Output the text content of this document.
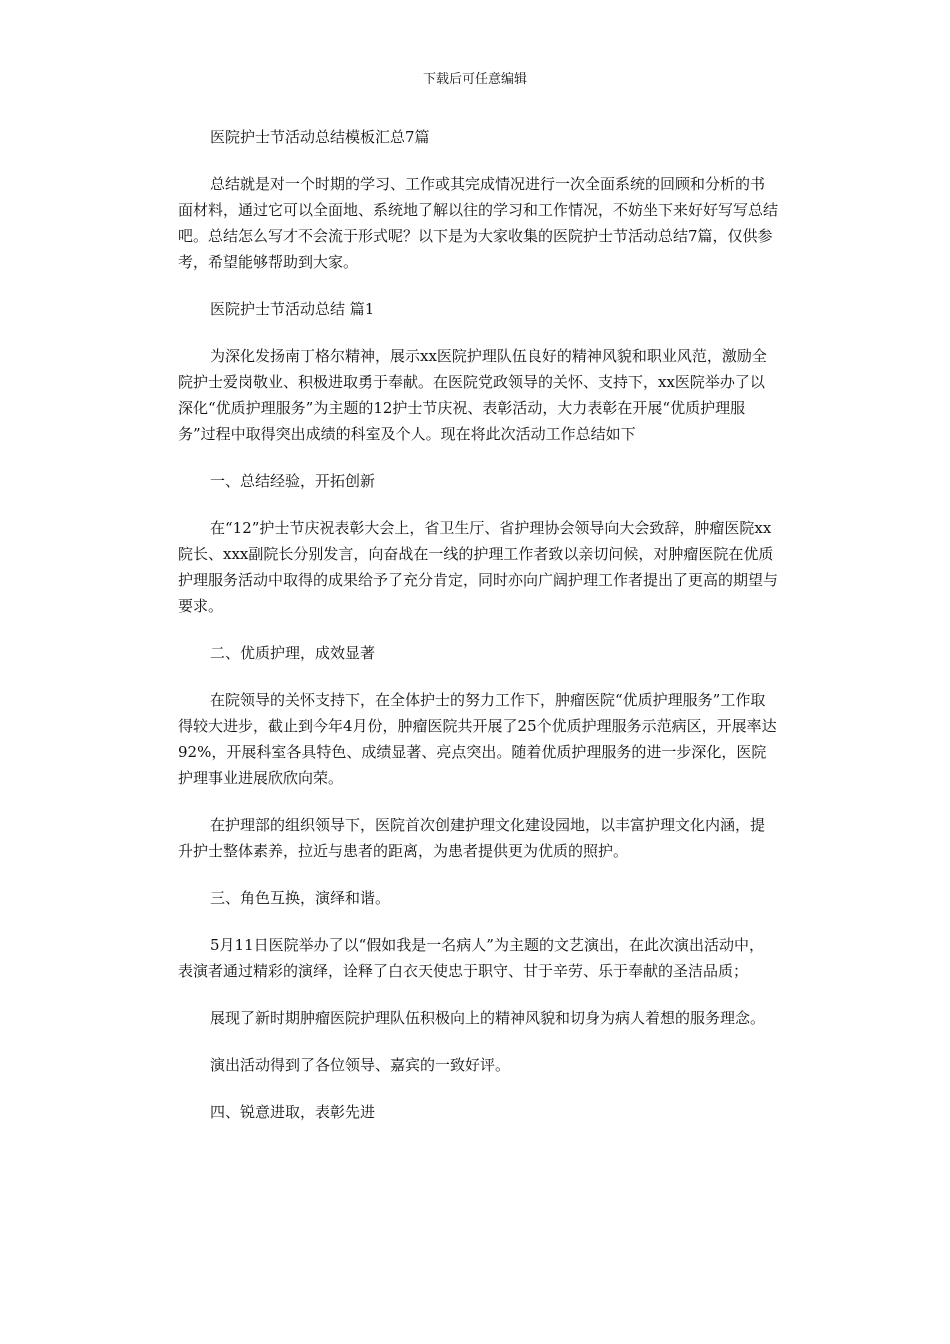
下载后可任意编辑

医院护士节活动总结模板汇总7篇

总结就是对一个时期的学习、工作或其完成情况进行一次全面系统的回顾和分析的书面材料，通过它可以全面地、系统地了解以往的学习和工作情况，不妨坐下来好好写写总结吧。总结怎么写才不会流于形式呢？以下是为大家收集的医院护士节活动总结7篇，仅供参考，希望能够帮助到大家。

医院护士节活动总结 篇1

为深化发扬南丁格尔精神，展示xx医院护理队伍良好的精神风貌和职业风范，激励全院护士爱岗敬业、积极进取勇于奉献。在医院党政领导的关怀、支持下，xx医院举办了以深化“优质护理服务”为主题的12护士节庆祝、表彰活动，大力表彰在开展“优质护理服务”过程中取得突出成绩的科室及个人。现在将此次活动工作总结如下

一、总结经验，开拓创新

在“12”护士节庆祝表彰大会上，省卫生厅、省护理协会领导向大会致辞，肿瘤医院xx院长、xxx副院长分别发言，向奋战在一线的护理工作者致以亲切问候，对肿瘤医院在优质护理服务活动中取得的成果给予了充分肯定，同时亦向广阔护理工作者提出了更高的期望与要求。

二、优质护理，成效显著

在院领导的关怀支持下，在全体护士的努力工作下，肿瘤医院“优质护理服务”工作取得较大进步，截止到今年4月份，肿瘤医院共开展了25个优质护理服务示范病区，开展率达92%，开展科室各具特色、成绩显著、亮点突出。随着优质护理服务的进一步深化，医院护理事业进展欣欣向荣。

在护理部的组织领导下，医院首次创建护理文化建设园地，以丰富护理文化内涵，提升护士整体素养，拉近与患者的距离，为患者提供更为优质的照护。

三、角色互换，演绎和谐。

5月11日医院举办了以“假如我是一名病人”为主题的文艺演出，在此次演出活动中，表演者通过精彩的演绎，诠释了白衣天使忠于职守、甘于辛劳、乐于奉献的圣洁品质；

展现了新时期肿瘤医院护理队伍积极向上的精神风貌和切身为病人着想的服务理念。

演出活动得到了各位领导、嘉宾的一致好评。

四、锐意进取，表彰先进
